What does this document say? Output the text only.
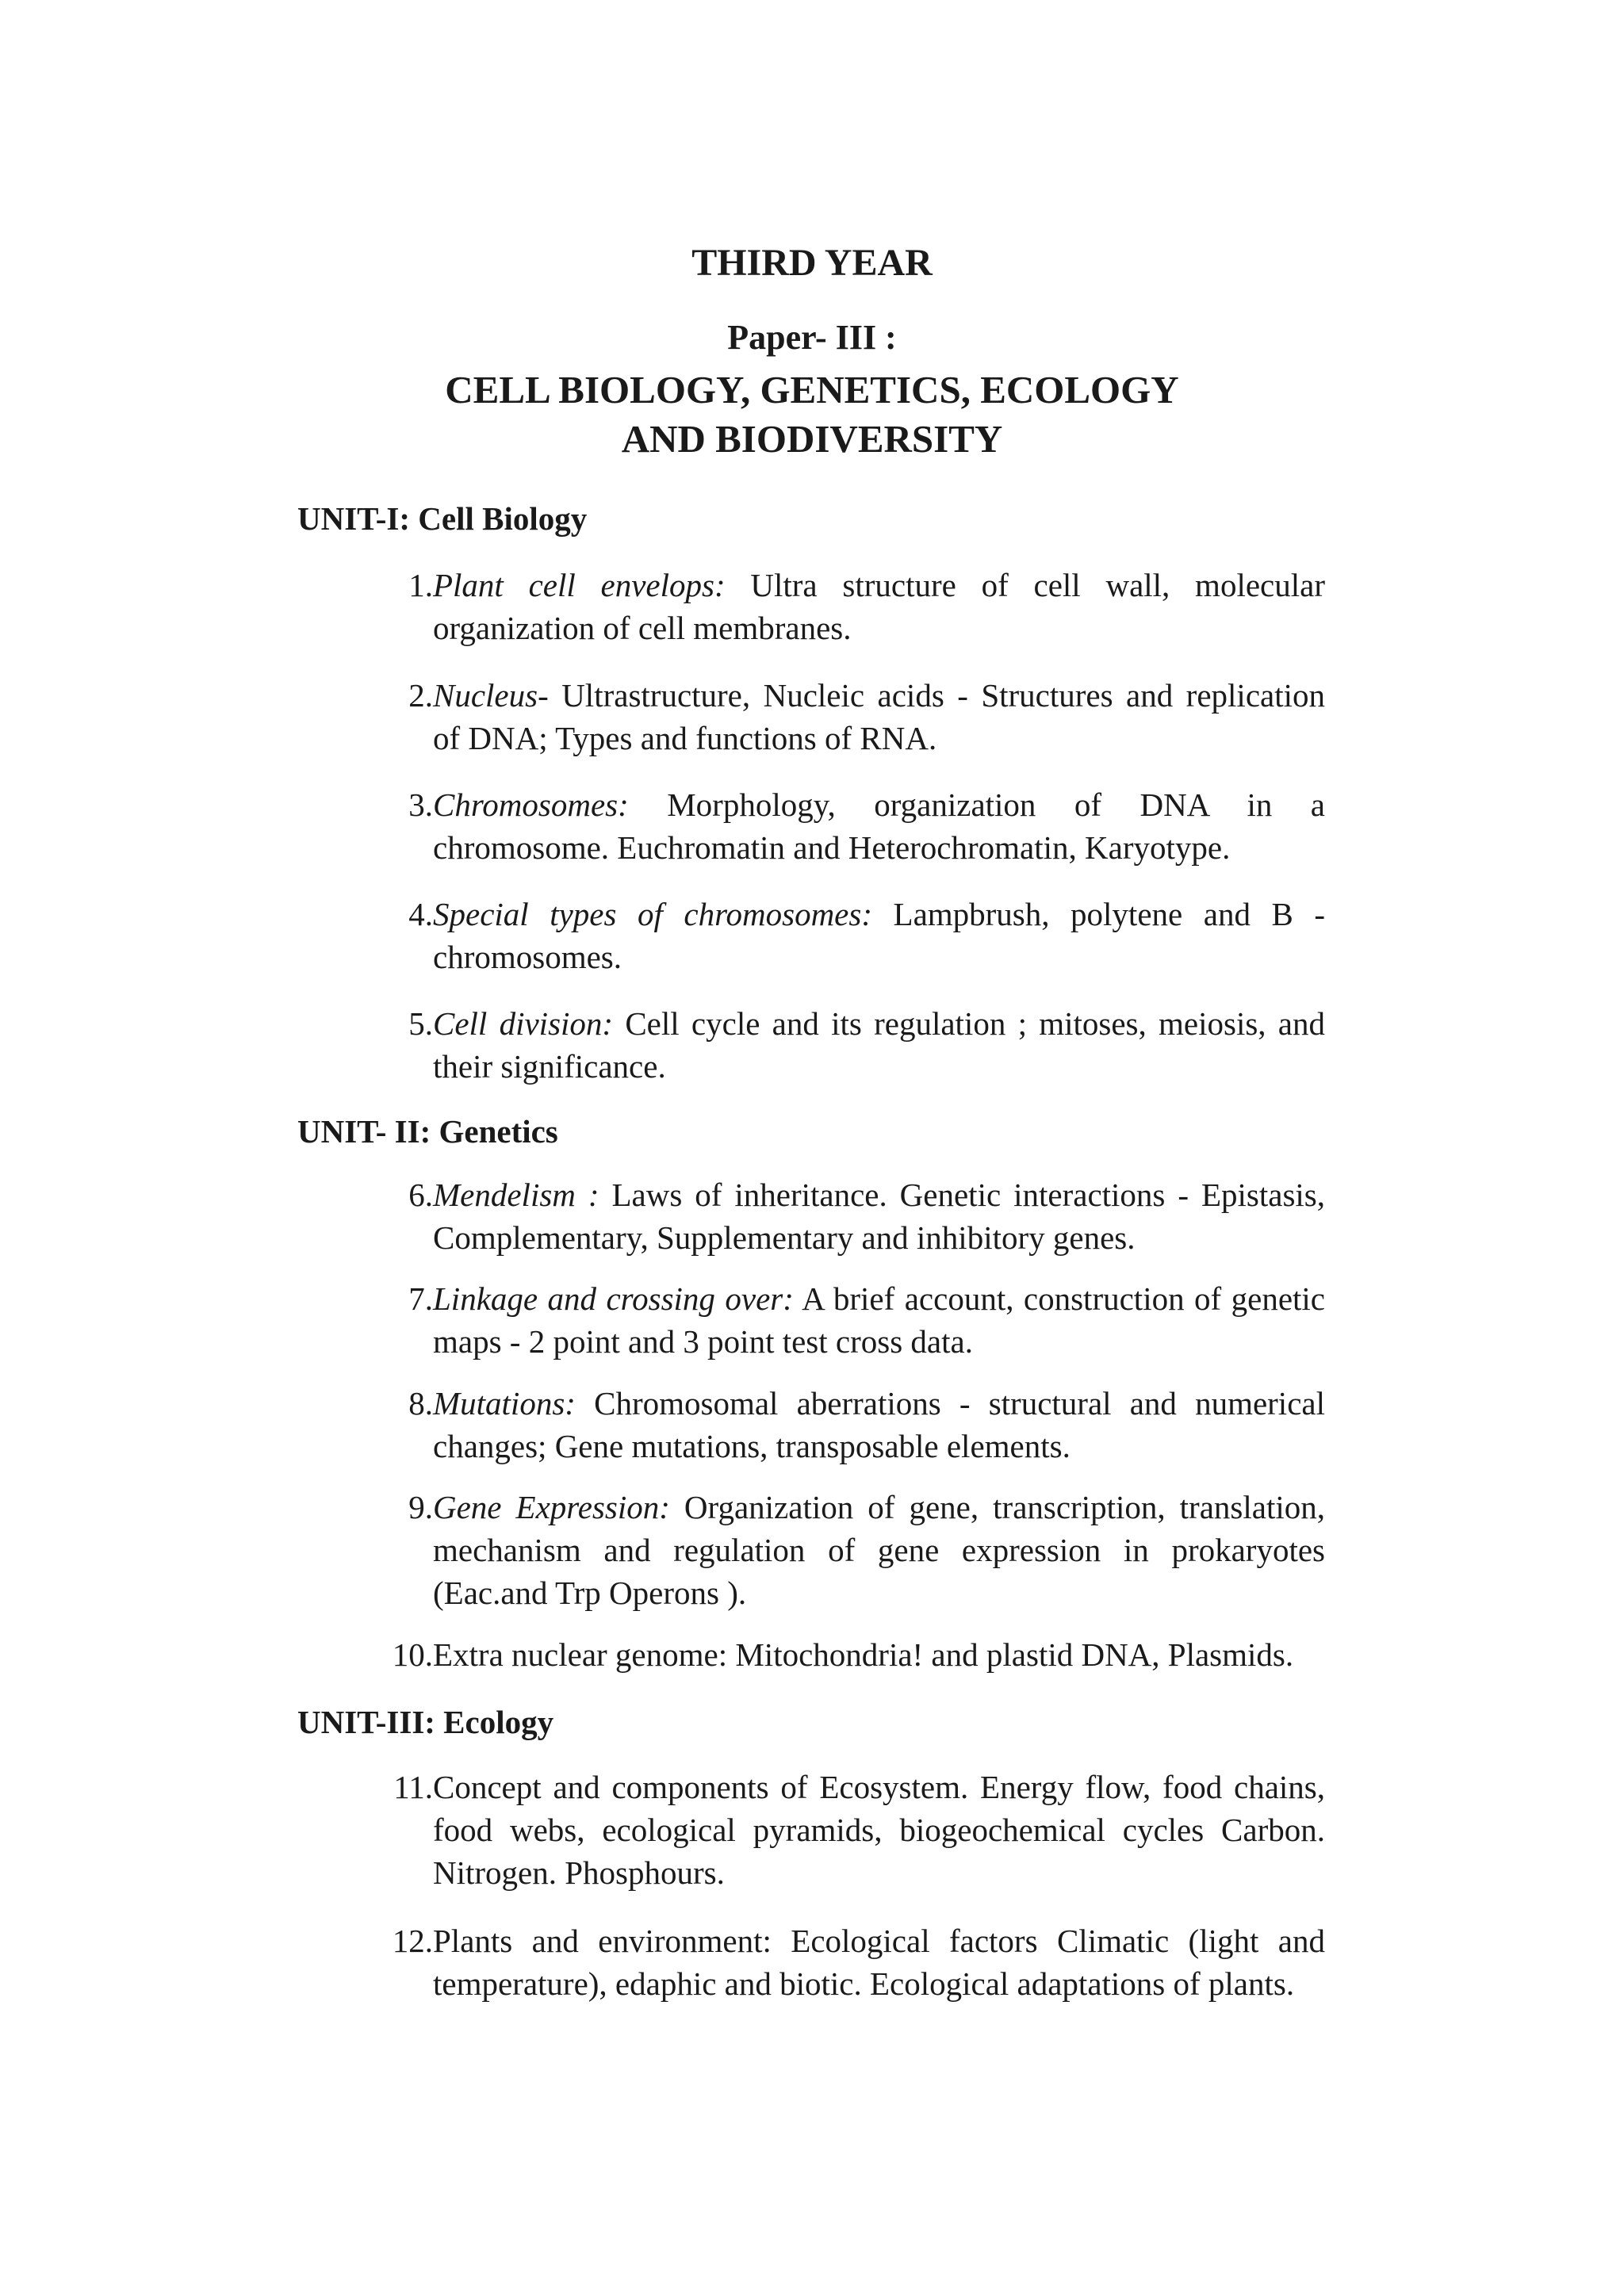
THIRD YEAR
Paper- III :
CELL BIOLOGY, GENETICS, ECOLOGY
AND BIODIVERSITY
UNIT-I: Cell Biology
1. Plant cell envelops: Ultra structure of cell wall, molecular organization of cell membranes.
2. Nucleus- Ultrastructure, Nucleic acids - Structures and replication of DNA; Types and functions of RNA.
3. Chromosomes: Morphology, organization of DNA in a chromosome. Euchromatin and Heterochromatin, Karyotype.
4. Special types of chromosomes: Lampbrush, polytene and B - chromosomes.
5. Cell division: Cell cycle and its regulation ; mitoses, meiosis, and their significance.
UNIT- II: Genetics
6. Mendelism : Laws of inheritance. Genetic interactions - Epistasis, Complementary, Supplementary and inhibitory genes.
7. Linkage and crossing over: A brief account, construction of genetic maps - 2 point and 3 point test cross data.
8. Mutations: Chromosomal aberrations - structural and numerical changes; Gene mutations, transposable elements.
9. Gene Expression: Organization of gene, transcription, translation, mechanism and regulation of gene expression in prokaryotes (Eac.and Trp Operons ).
10. Extra nuclear genome: Mitochondria! and plastid DNA, Plasmids.
UNIT-III: Ecology
11. Concept and components of Ecosystem. Energy flow, food chains, food webs, ecological pyramids, biogeochemical cycles Carbon. Nitrogen. Phosphours.
12. Plants and environment: Ecological factors Climatic (light and temperature), edaphic and biotic. Ecological adaptations of plants.
